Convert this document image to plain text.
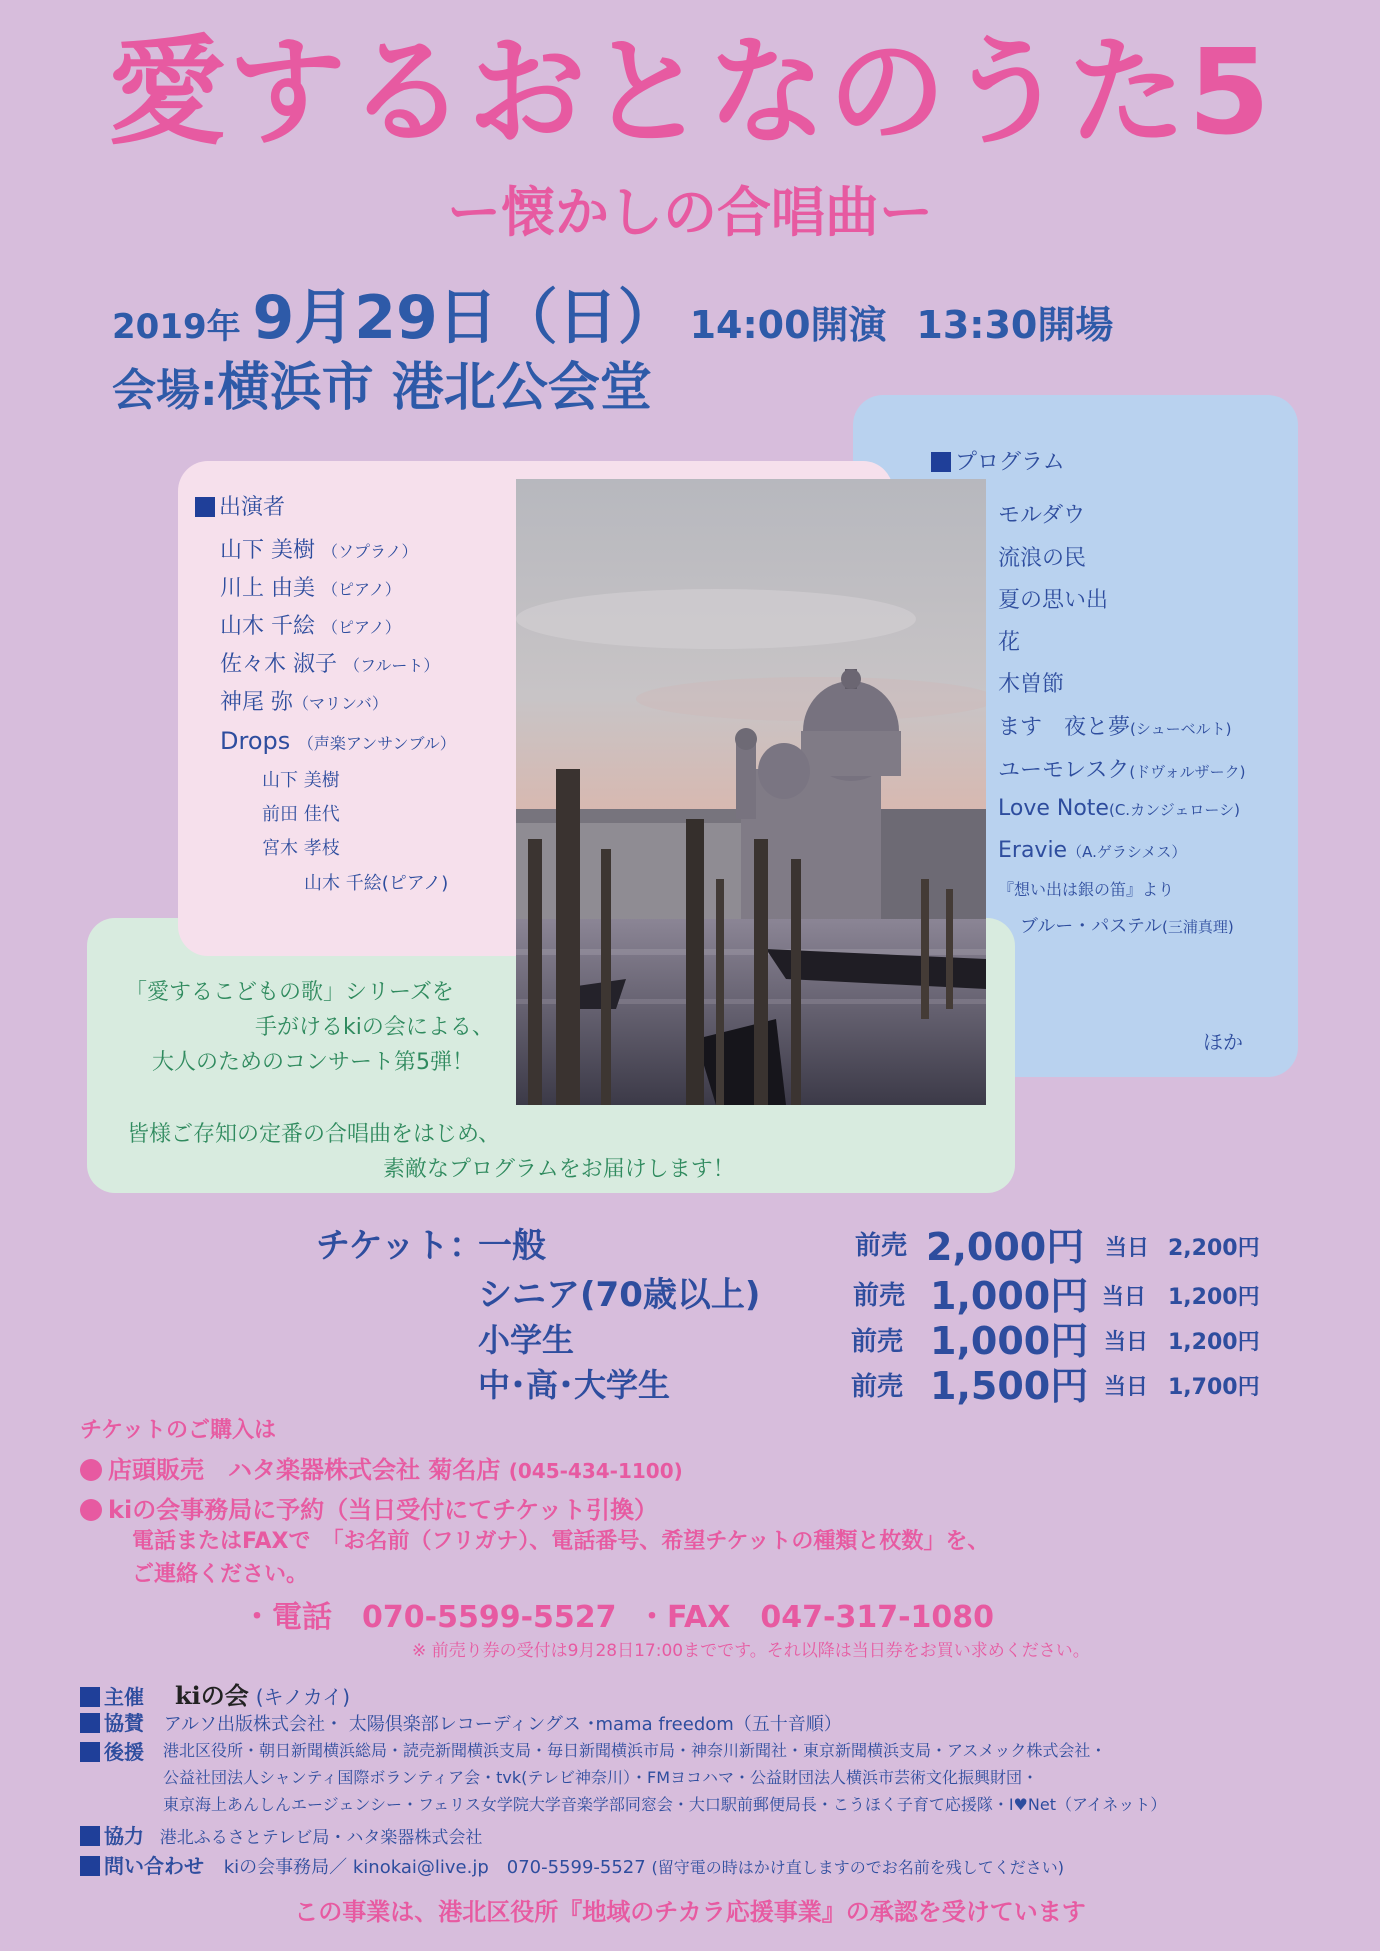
愛するおとなのうた5
ー懐かしの合唱曲ー
2019年 9月29日（日） 14:00開演 13:30開場
会場:横浜市 港北公会堂
出演者
山下 美樹 （ソプラノ）
川上 由美 （ピアノ）
山木 千絵 （ピアノ）
佐々木 淑子 （フルート）
神尾 弥（マリンバ）
Drops （声楽アンサンブル）
山下 美樹
前田 佳代
宮木 孝枝
山木 千絵(ピアノ)
プログラム
モルダウ
流浪の民
夏の思い出
花
木曽節
ます　夜と夢(シューベルト)
ユーモレスク(ドヴォルザーク)
Love Note(C.カンジェローシ)
Eravie（A.ゲラシメス）
『想い出は銀の笛』より
ブルー・パステル(三浦真理)
ほか
「愛するこどもの歌」シリーズを
手がけるkiの会による、
大人のためのコンサート第5弾！
皆様ご存知の定番の合唱曲をはじめ、
素敵なプログラムをお届けします！
チケット：
一般	前売 2,000円 当日 2,200円
シニア(70歳以上)	前売 1,000円 当日 1,200円
小学生	前売 1,000円 当日 1,200円
中･高･大学生	前売 1,500円 当日 1,700円
チケットのご購入は
店頭販売　ハタ楽器株式会社 菊名店 (045-434-1100)
kiの会事務局に予約（当日受付にてチケット引換）
電話またはFAXで　「お名前（フリガナ）、電話番号、希望チケットの種類と枚数」を、
ご連絡ください。
・電話　070-5599-5527 ・FAX　047-317-1080
※ 前売り券の受付は9月28日17:00までです。それ以降は当日券をお買い求めください。
主催 kiの会 (キノカイ)
協賛 アルソ出版株式会社・ 太陽倶楽部レコーディングス ･mama freedom（五十音順）
後援 港北区役所・朝日新聞横浜総局・読売新聞横浜支局・毎日新聞横浜市局・神奈川新聞社・東京新聞横浜支局・アスメック株式会社・
公益社団法人シャンティ国際ボランティア会・tvk(テレビ神奈川）・FMヨコハマ・公益財団法人横浜市芸術文化振興財団・
東京海上あんしんエージェンシー・フェリス女学院大学音楽学部同窓会・大口駅前郵便局長・こうほく子育て応援隊・I♥Net（アイネット）
協力 港北ふるさとテレビ局・ハタ楽器株式会社
問い合わせ kiの会事務局／ kinokai@live.jp　070-5599-5527 (留守電の時はかけ直しますのでお名前を残してください)
この事業は、港北区役所『地域のチカラ応援事業』の承認を受けています
